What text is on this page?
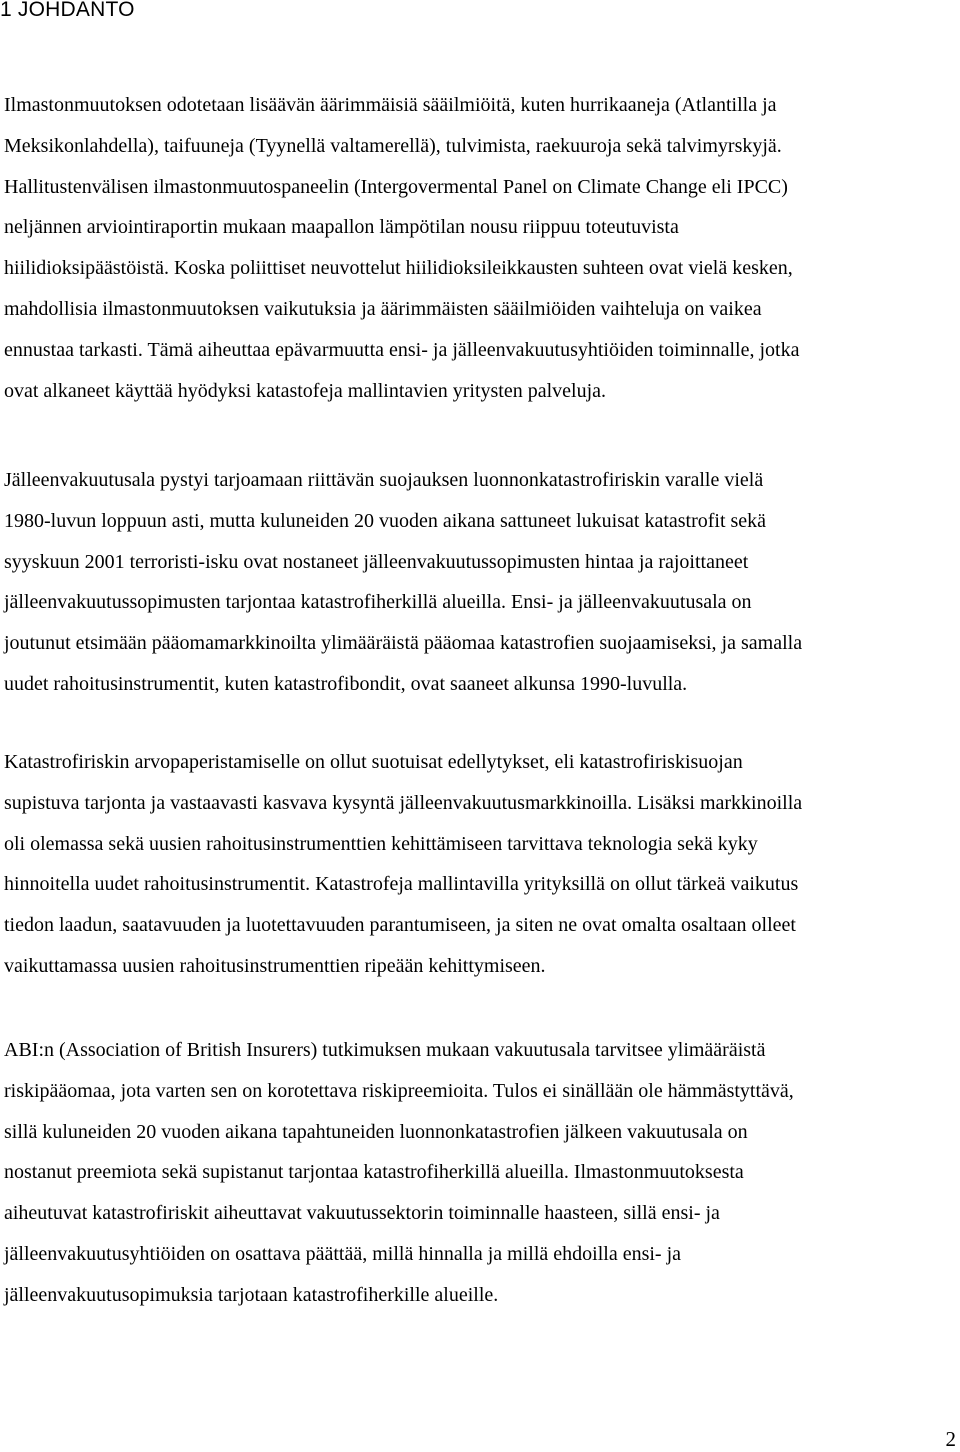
1 JOHDANTO
Ilmastonmuutoksen odotetaan lisäävän äärimmäisiä sääilmiöitä, kuten hurrikaaneja (Atlantilla ja
Meksikonlahdella), taifuuneja (Tyynellä valtamerellä), tulvimista, raekuuroja sekä talvimyrskyjä.
Hallitustenvälisen ilmastonmuutospaneelin (Intergovermental Panel on Climate Change eli IPCC)
neljännen arviointiraportin mukaan maapallon lämpötilan nousu riippuu toteutuvista
hiilidioksipäästöistä. Koska poliittiset neuvottelut hiilidioksileikkausten suhteen ovat vielä kesken,
mahdollisia ilmastonmuutoksen vaikutuksia ja äärimmäisten sääilmiöiden vaihteluja on vaikea
ennustaa tarkasti. Tämä aiheuttaa epävarmuutta ensi- ja jälleenvakuutusyhtiöiden toiminnalle, jotka
ovat alkaneet käyttää hyödyksi katastofeja mallintavien yritysten palveluja.
Jälleenvakuutusala pystyi tarjoamaan riittävän suojauksen luonnonkatastrofiriskin varalle vielä
1980-luvun loppuun asti, mutta kuluneiden 20 vuoden aikana sattuneet lukuisat katastrofit sekä
syyskuun 2001 terroristi-isku ovat nostaneet jälleenvakuutussopimusten hintaa ja rajoittaneet
jälleenvakuutussopimusten tarjontaa katastrofiherkillä alueilla. Ensi- ja jälleenvakuutusala on
joutunut etsimään pääomamarkkinoilta ylimääräistä pääomaa katastrofien suojaamiseksi, ja samalla
uudet rahoitusinstrumentit, kuten katastrofibondit, ovat saaneet alkunsa 1990-luvulla.
Katastrofiriskin arvopaperistamiselle on ollut suotuisat edellytykset, eli katastrofiriskisuojan
supistuva tarjonta ja vastaavasti kasvava kysyntä jälleenvakuutusmarkkinoilla. Lisäksi markkinoilla
oli olemassa sekä uusien rahoitusinstrumenttien kehittämiseen tarvittava teknologia sekä kyky
hinnoitella uudet rahoitusinstrumentit. Katastrofeja mallintavilla yrityksillä on ollut tärkeä vaikutus
tiedon laadun, saatavuuden ja luotettavuuden parantumiseen, ja siten ne ovat omalta osaltaan olleet
vaikuttamassa uusien rahoitusinstrumenttien ripeään kehittymiseen.
ABI:n (Association of British Insurers) tutkimuksen mukaan vakuutusala tarvitsee ylimääräistä
riskipääomaa, jota varten sen on korotettava riskipreemioita. Tulos ei sinällään ole hämmästyttävä,
sillä kuluneiden 20 vuoden aikana tapahtuneiden luonnonkatastrofien jälkeen vakuutusala on
nostanut preemiota sekä supistanut tarjontaa katastrofiherkillä alueilla. Ilmastonmuutoksesta
aiheutuvat katastrofiriskit aiheuttavat vakuutussektorin toiminnalle haasteen, sillä ensi- ja
jälleenvakuutusyhtiöiden on osattava päättää, millä hinnalla ja millä ehdoilla ensi- ja
jälleenvakuutusopimuksia tarjotaan katastrofiherkille alueille.
2
